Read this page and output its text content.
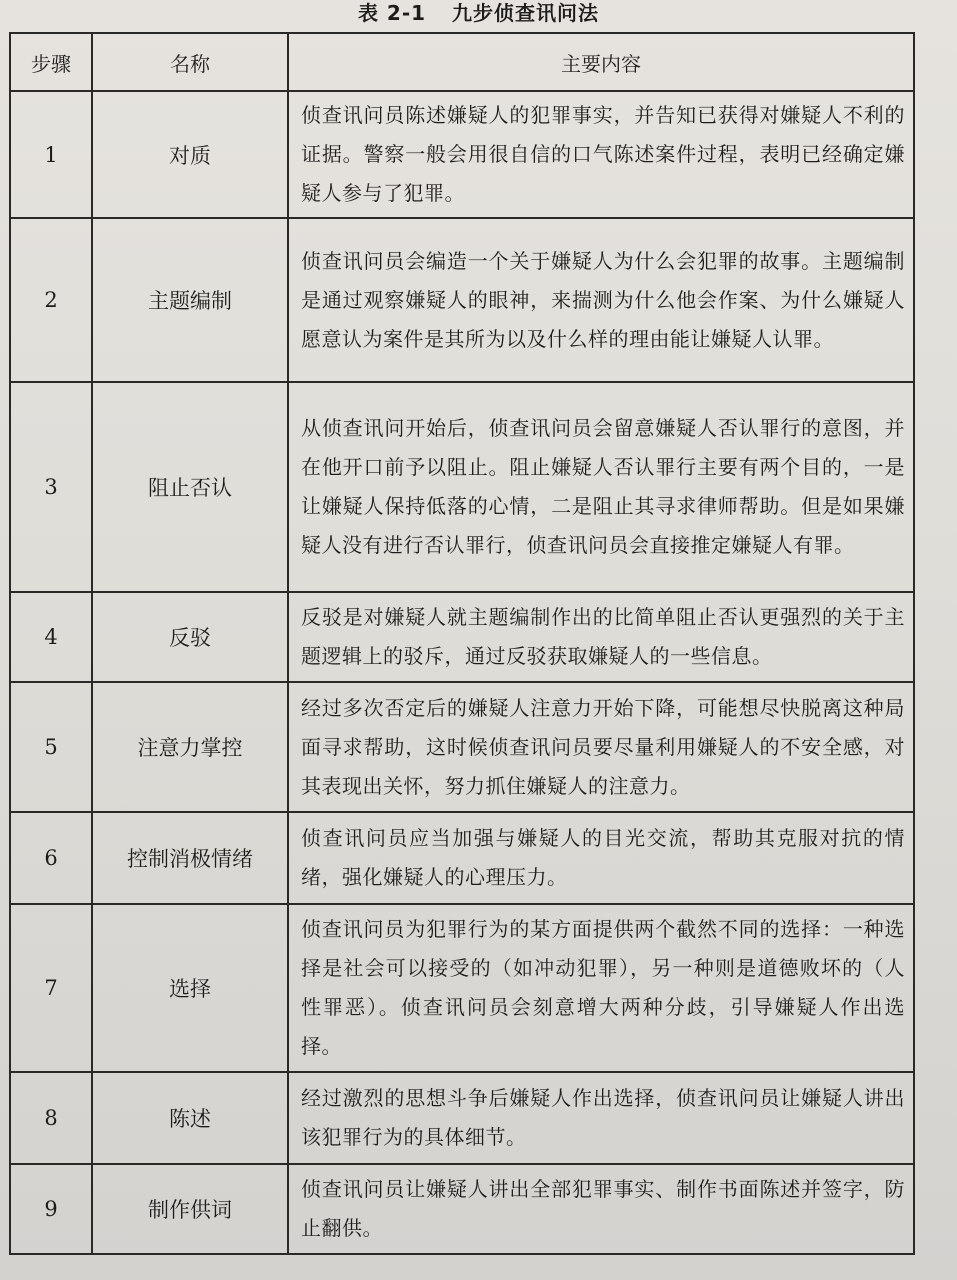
表 2-1 九步侦查讯问法
步骤	名称	主要内容
1	对质	侦查讯问员陈述嫌疑人的犯罪事实，并告知已获得对嫌疑人不利的证据。警察一般会用很自信的口气陈述案件过程，表明已经确定嫌疑人参与了犯罪。
2	主题编制	侦查讯问员会编造一个关于嫌疑人为什么会犯罪的故事。主题编制是通过观察嫌疑人的眼神，来揣测为什么他会作案、为什么嫌疑人愿意认为案件是其所为以及什么样的理由能让嫌疑人认罪。
3	阻止否认	从侦查讯问开始后，侦查讯问员会留意嫌疑人否认罪行的意图，并在他开口前予以阻止。阻止嫌疑人否认罪行主要有两个目的，一是让嫌疑人保持低落的心情，二是阻止其寻求律师帮助。但是如果嫌疑人没有进行否认罪行，侦查讯问员会直接推定嫌疑人有罪。
4	反驳	反驳是对嫌疑人就主题编制作出的比简单阻止否认更强烈的关于主题逻辑上的驳斥，通过反驳获取嫌疑人的一些信息。
5	注意力掌控	经过多次否定后的嫌疑人注意力开始下降，可能想尽快脱离这种局面寻求帮助，这时候侦查讯问员要尽量利用嫌疑人的不安全感，对其表现出关怀，努力抓住嫌疑人的注意力。
6	控制消极情绪	侦查讯问员应当加强与嫌疑人的目光交流，帮助其克服对抗的情绪，强化嫌疑人的心理压力。
7	选择	侦查讯问员为犯罪行为的某方面提供两个截然不同的选择：一种选择是社会可以接受的（如冲动犯罪），另一种则是道德败坏的（人性罪恶）。侦查讯问员会刻意增大两种分歧，引导嫌疑人作出选择。
8	陈述	经过激烈的思想斗争后嫌疑人作出选择，侦查讯问员让嫌疑人讲出该犯罪行为的具体细节。
9	制作供词	侦查讯问员让嫌疑人讲出全部犯罪事实、制作书面陈述并签字，防止翻供。
